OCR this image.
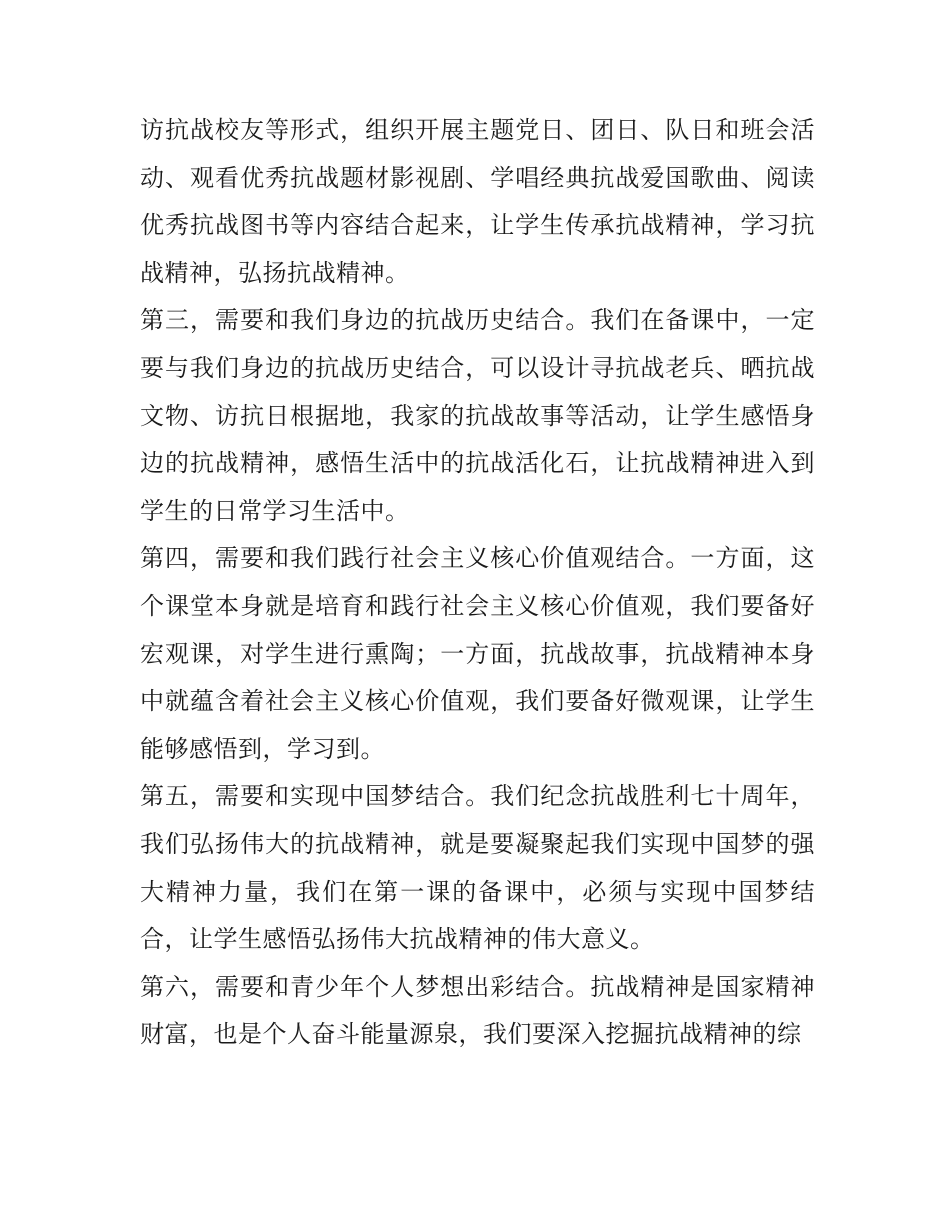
访抗战校友等形式，组织开展主题党日、团日、队日和班会活动、观看优秀抗战题材影视剧、学唱经典抗战爱国歌曲、阅读优秀抗战图书等内容结合起来，让学生传承抗战精神，学习抗战精神，弘扬抗战精神。

第三，需要和我们身边的抗战历史结合。我们在备课中，一定要与我们身边的抗战历史结合，可以设计寻抗战老兵、晒抗战文物、访抗日根据地，我家的抗战故事等活动，让学生感悟身边的抗战精神，感悟生活中的抗战活化石，让抗战精神进入到学生的日常学习生活中。

第四，需要和我们践行社会主义核心价值观结合。一方面，这个课堂本身就是培育和践行社会主义核心价值观，我们要备好宏观课，对学生进行熏陶；一方面，抗战故事，抗战精神本身中就蕴含着社会主义核心价值观，我们要备好微观课，让学生能够感悟到，学习到。

第五，需要和实现中国梦结合。我们纪念抗战胜利七十周年，我们弘扬伟大的抗战精神，就是要凝聚起我们实现中国梦的强大精神力量，我们在第一课的备课中，必须与实现中国梦结合，让学生感悟弘扬伟大抗战精神的伟大意义。

第六，需要和青少年个人梦想出彩结合。抗战精神是国家精神财富，也是个人奋斗能量源泉，我们要深入挖掘抗战精神的综
